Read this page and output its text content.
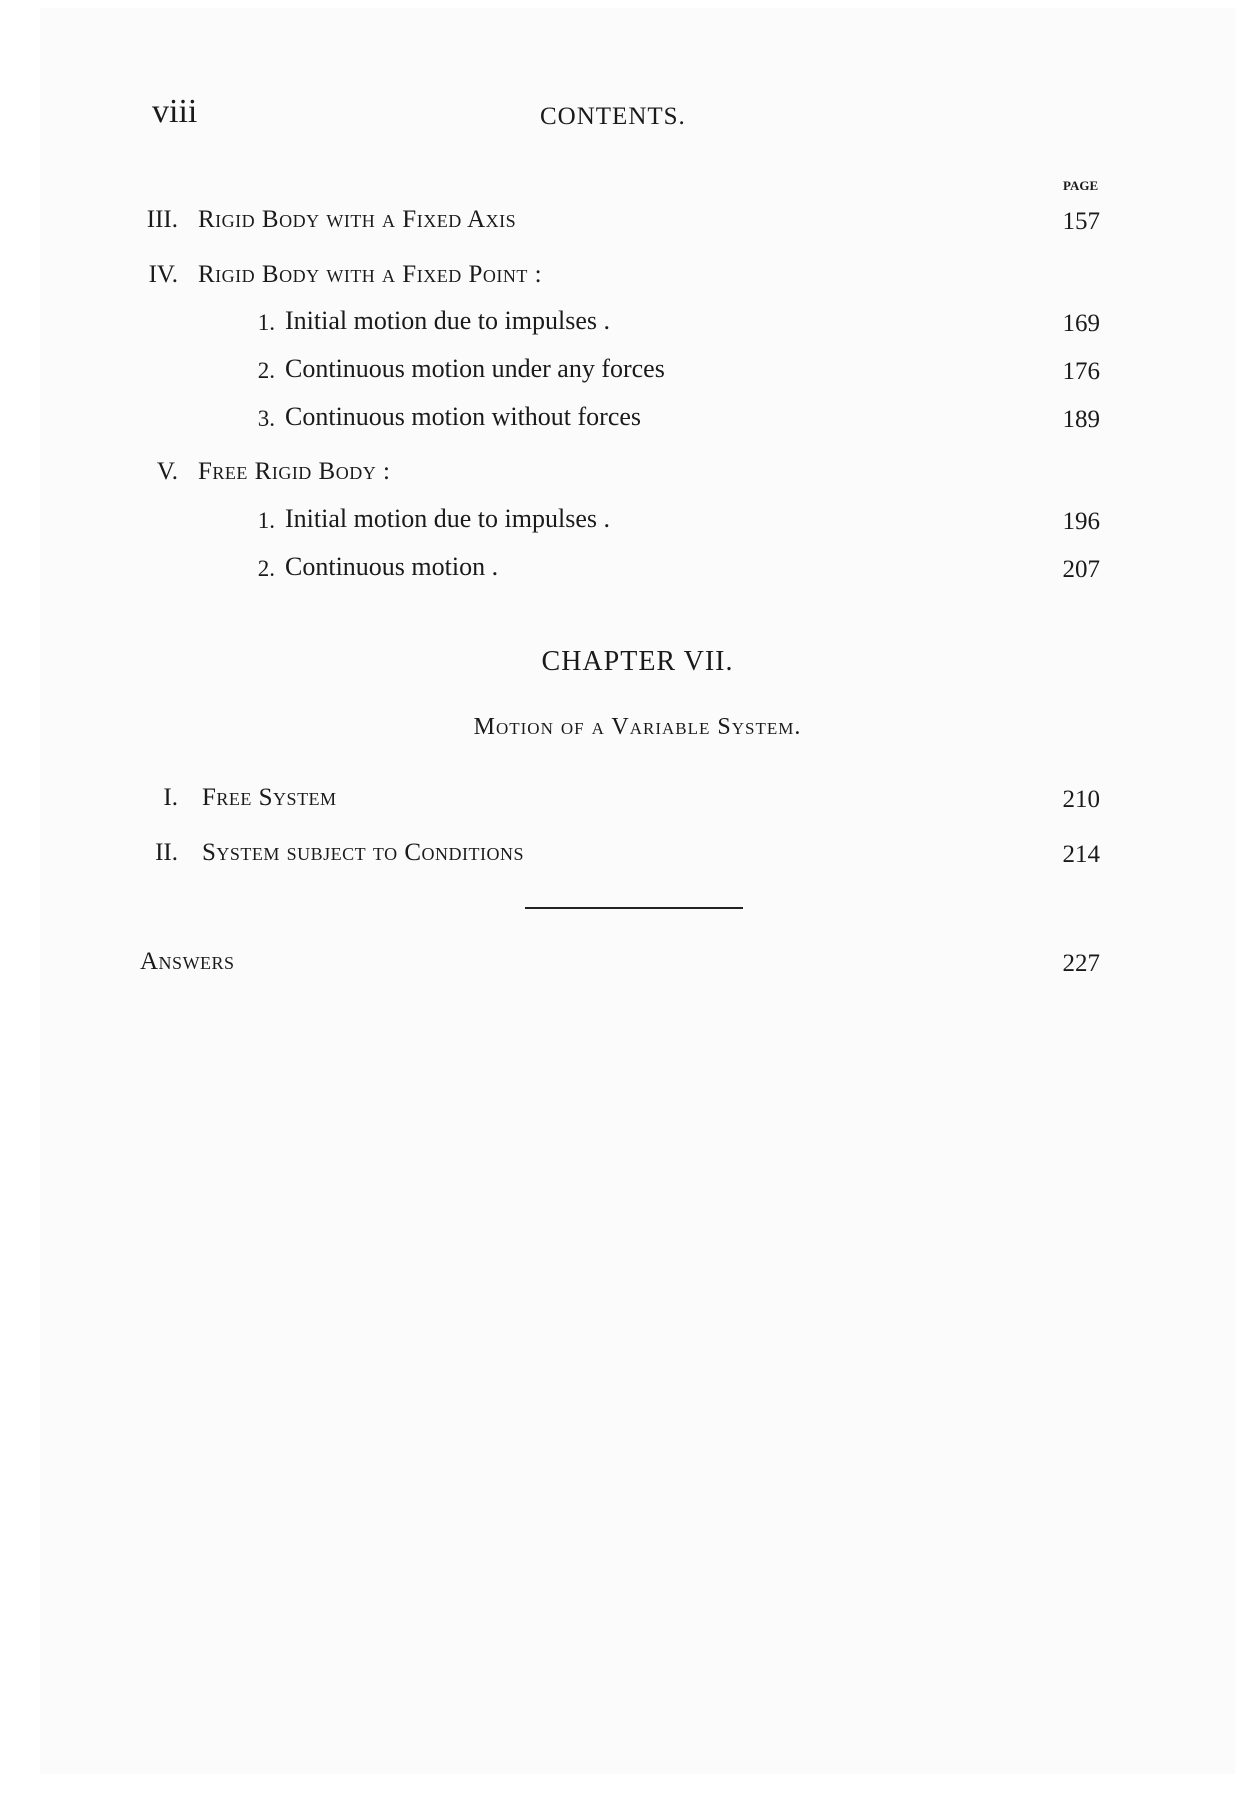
viii	CONTENTS.
PAGE
III. Rigid Body with a Fixed Axis	157
IV. Rigid Body with a Fixed Point :
1. Initial motion due to impulses .	169
2. Continuous motion under any forces	176
3. Continuous motion without forces	189
V. Free Rigid Body :
1. Initial motion due to impulses .	196
2. Continuous motion .	207
CHAPTER VII.
Motion of a Variable System.
I. Free System	210
II. System subject to Conditions	214
Answers	227
